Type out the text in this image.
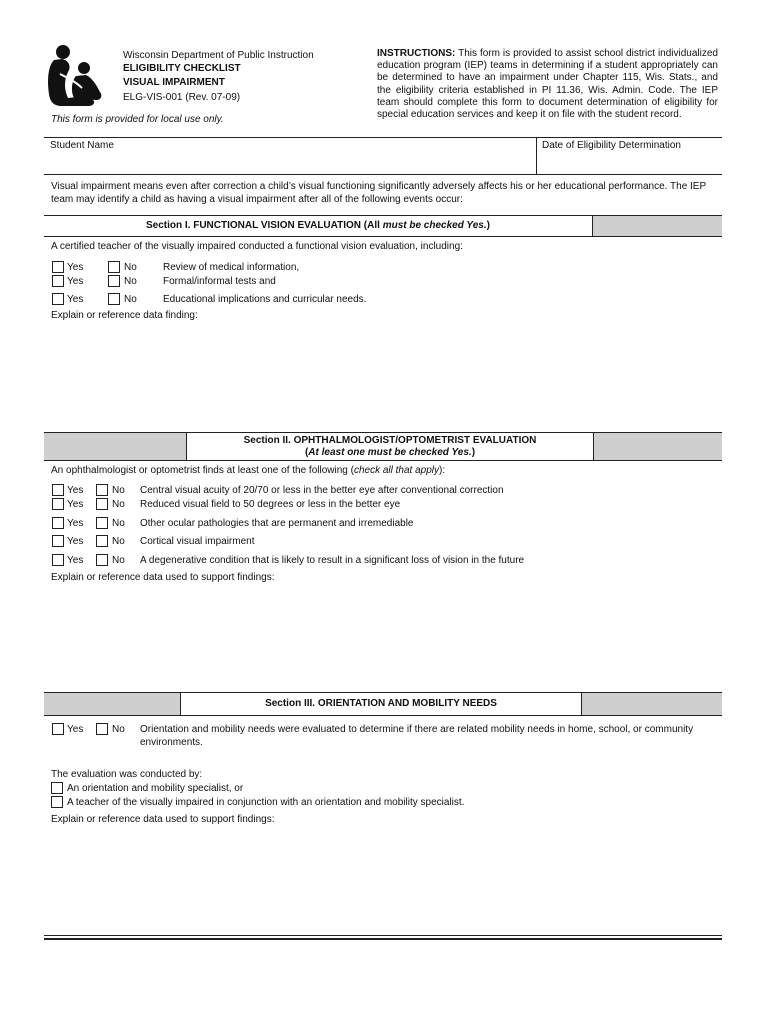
Wisconsin Department of Public Instruction
ELIGIBILITY CHECKLIST
VISUAL IMPAIRMENT
ELG-VIS-001 (Rev. 07-09)
This form is provided for local use only.
INSTRUCTIONS: This form is provided to assist school district individualized education program (IEP) teams in determining if a student appropriately can be determined to have an impairment under Chapter 115, Wis. Stats., and the eligibility criteria established in PI 11.36, Wis. Admin. Code. The IEP team should complete this form to document determination of eligibility for special education services and keep it on file with the student record.
Student Name	Date of Eligibility Determination
Visual impairment means even after correction a child’s visual functioning significantly adversely affects his or her educational performance. The IEP team may identify a child as having a visual impairment after all of the following events occur:
Section I. FUNCTIONAL VISION EVALUATION (All must be checked Yes.)
A certified teacher of the visually impaired conducted a functional vision evaluation, including:
Yes	No	Review of medical information,
Yes	No	Formal/informal tests and
Yes	No	Educational implications and curricular needs.
Explain or reference data finding:
Section II. OPHTHALMOLOGIST/OPTOMETRIST EVALUATION
(At least one must be checked Yes.)
An ophthalmologist or optometrist finds at least one of the following (check all that apply):
Yes	No Central visual acuity of 20/70 or less in the better eye after conventional correction
Yes	No Reduced visual field to 50 degrees or less in the better eye
Yes	No Other ocular pathologies that are permanent and irremediable
Yes	No Cortical visual impairment
Yes	No A degenerative condition that is likely to result in a significant loss of vision in the future
Explain or reference data used to support findings:
Section III. ORIENTATION AND MOBILITY NEEDS
Yes	No Orientation and mobility needs were evaluated to determine if there are related mobility needs in home, school, or community
environments.
The evaluation was conducted by:
An orientation and mobility specialist, or
A teacher of the visually impaired in conjunction with an orientation and mobility specialist.
Explain or reference data used to support findings:
